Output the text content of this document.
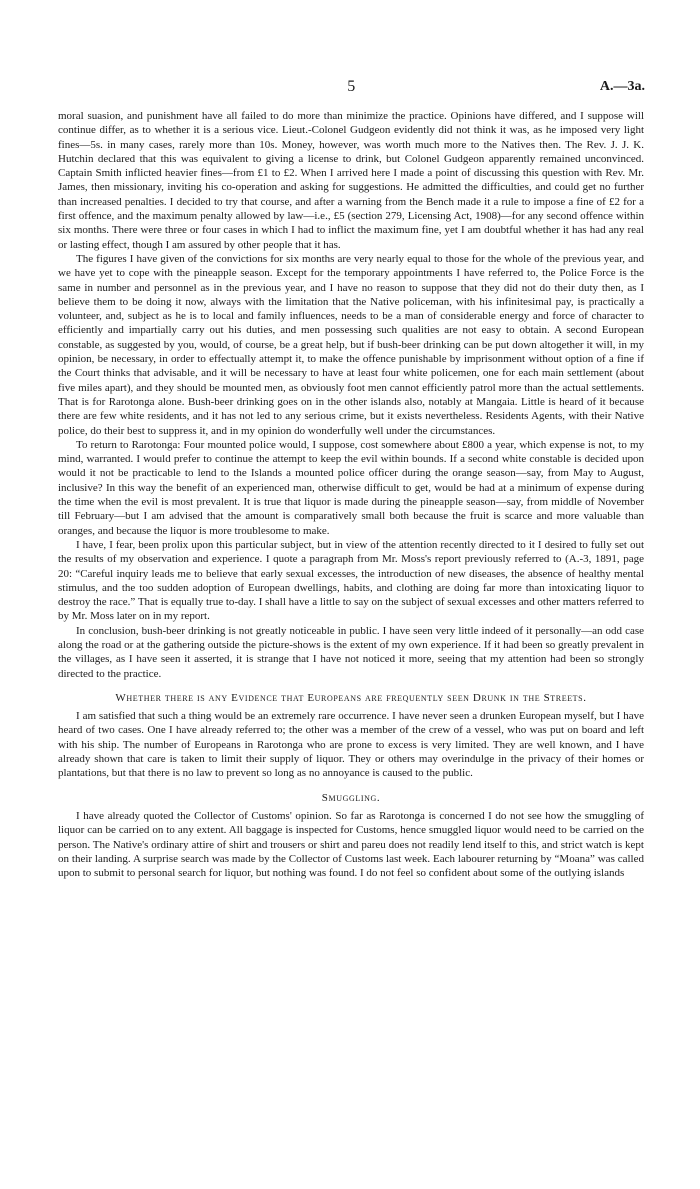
5	A.—3a.

moral suasion, and punishment have all failed to do more than minimize the practice. Opinions have differed, and I suppose will continue differ, as to whether it is a serious vice. Lieut.-Colonel Gudgeon evidently did not think it was, as he imposed very light fines—5s. in many cases, rarely more than 10s. Money, however, was worth much more to the Natives then. The Rev. J. J. K. Hutchin declared that this was equivalent to giving a license to drink, but Colonel Gudgeon apparently remained unconvinced. Captain Smith inflicted heavier fines—from £1 to £2. When I arrived here I made a point of discussing this question with Rev. Mr. James, then missionary, inviting his co-operation and asking for suggestions. He admitted the difficulties, and could get no further than increased penalties. I decided to try that course, and after a warning from the Bench made it a rule to impose a fine of £2 for a first offence, and the maximum penalty allowed by law—i.e., £5 (section 279, Licensing Act, 1908)—for any second offence within six months. There were three or four cases in which I had to inflict the maximum fine, yet I am doubtful whether it has had any real or lasting effect, though I am assured by other people that it has.

The figures I have given of the convictions for six months are very nearly equal to those for the whole of the previous year, and we have yet to cope with the pineapple season. Except for the temporary appointments I have referred to, the Police Force is the same in number and personnel as in the previous year, and I have no reason to suppose that they did not do their duty then, as I believe them to be doing it now, always with the limitation that the Native policeman, with his infinitesimal pay, is practically a volunteer, and, subject as he is to local and family influences, needs to be a man of considerable energy and force of character to efficiently and impartially carry out his duties, and men possessing such qualities are not easy to obtain. A second European constable, as suggested by you, would, of course, be a great help, but if bush-beer drinking can be put down altogether it will, in my opinion, be necessary, in order to effectually attempt it, to make the offence punishable by imprisonment without option of a fine if the Court thinks that advisable, and it will be necessary to have at least four white policemen, one for each main settlement (about five miles apart), and they should be mounted men, as obviously foot men cannot efficiently patrol more than the actual settlements. That is for Rarotonga alone. Bush-beer drinking goes on in the other islands also, notably at Mangaia. Little is heard of it because there are few white residents, and it has not led to any serious crime, but it exists nevertheless. Residents Agents, with their Native police, do their best to suppress it, and in my opinion do wonderfully well under the circumstances.

To return to Rarotonga: Four mounted police would, I suppose, cost somewhere about £800 a year, which expense is not, to my mind, warranted. I would prefer to continue the attempt to keep the evil within bounds. If a second white constable is decided upon would it not be practicable to lend to the Islands a mounted police officer during the orange season—say, from May to August, inclusive? In this way the benefit of an experienced man, otherwise difficult to get, would be had at a minimum of expense during the time when the evil is most prevalent. It is true that liquor is made during the pineapple season—say, from middle of November till February—but I am advised that the amount is comparatively small both because the fruit is scarce and more valuable than oranges, and because the liquor is more troublesome to make.

I have, I fear, been prolix upon this particular subject, but in view of the attention recently directed to it I desired to fully set out the results of my observation and experience. I quote a paragraph from Mr. Moss's report previously referred to (A.-3, 1891, page 20: “Careful inquiry leads me to believe that early sexual excesses, the introduction of new diseases, the absence of healthy mental stimulus, and the too sudden adoption of European dwellings, habits, and clothing are doing far more than intoxicating liquor to destroy the race.” That is equally true to-day. I shall have a little to say on the subject of sexual excesses and other matters referred to by Mr. Moss later on in my report.

In conclusion, bush-beer drinking is not greatly noticeable in public. I have seen very little indeed of it personally—an odd case along the road or at the gathering outside the picture-shows is the extent of my own experience. If it had been so greatly prevalent in the villages, as I have seen it asserted, it is strange that I have not noticed it more, seeing that my attention had been so strongly directed to the practice.

Whether there is any Evidence that Europeans are frequently seen Drunk in the Streets.

I am satisfied that such a thing would be an extremely rare occurrence. I have never seen a drunken European myself, but I have heard of two cases. One I have already referred to; the other was a member of the crew of a vessel, who was put on board and left with his ship. The number of Europeans in Rarotonga who are prone to excess is very limited. They are well known, and I have already shown that care is taken to limit their supply of liquor. They or others may overindulge in the privacy of their homes or plantations, but that there is no law to prevent so long as no annoyance is caused to the public.

Smuggling.

I have already quoted the Collector of Customs' opinion. So far as Rarotonga is concerned I do not see how the smuggling of liquor can be carried on to any extent. All baggage is inspected for Customs, hence smuggled liquor would need to be carried on the person. The Native's ordinary attire of shirt and trousers or shirt and pareu does not readily lend itself to this, and strict watch is kept on their landing. A surprise search was made by the Collector of Customs last week. Each labourer returning by “Moana” was called upon to submit to personal search for liquor, but nothing was found. I do not feel so confident about some of the outlying islands
